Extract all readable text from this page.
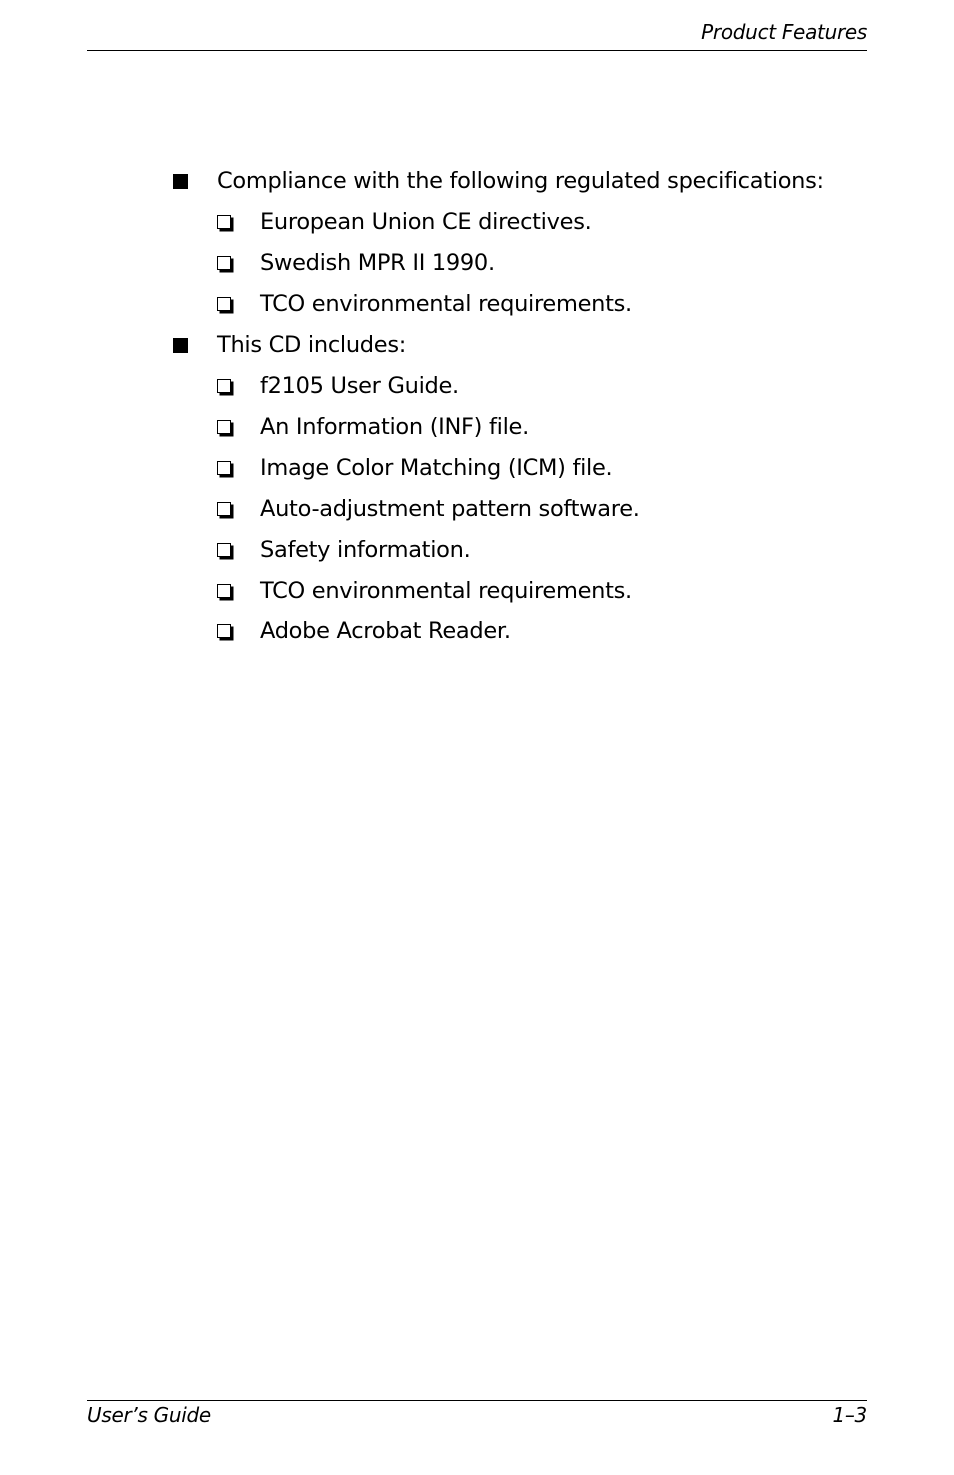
Product Features
Compliance with the following regulated specifications:
European Union CE directives.
Swedish MPR II 1990.
TCO environmental requirements.
This CD includes:
f2105 User Guide.
An Information (INF) file.
Image Color Matching (ICM) file.
Auto-adjustment pattern software.
Safety information.
TCO environmental requirements.
Adobe Acrobat Reader.
User’s Guide	1–3
